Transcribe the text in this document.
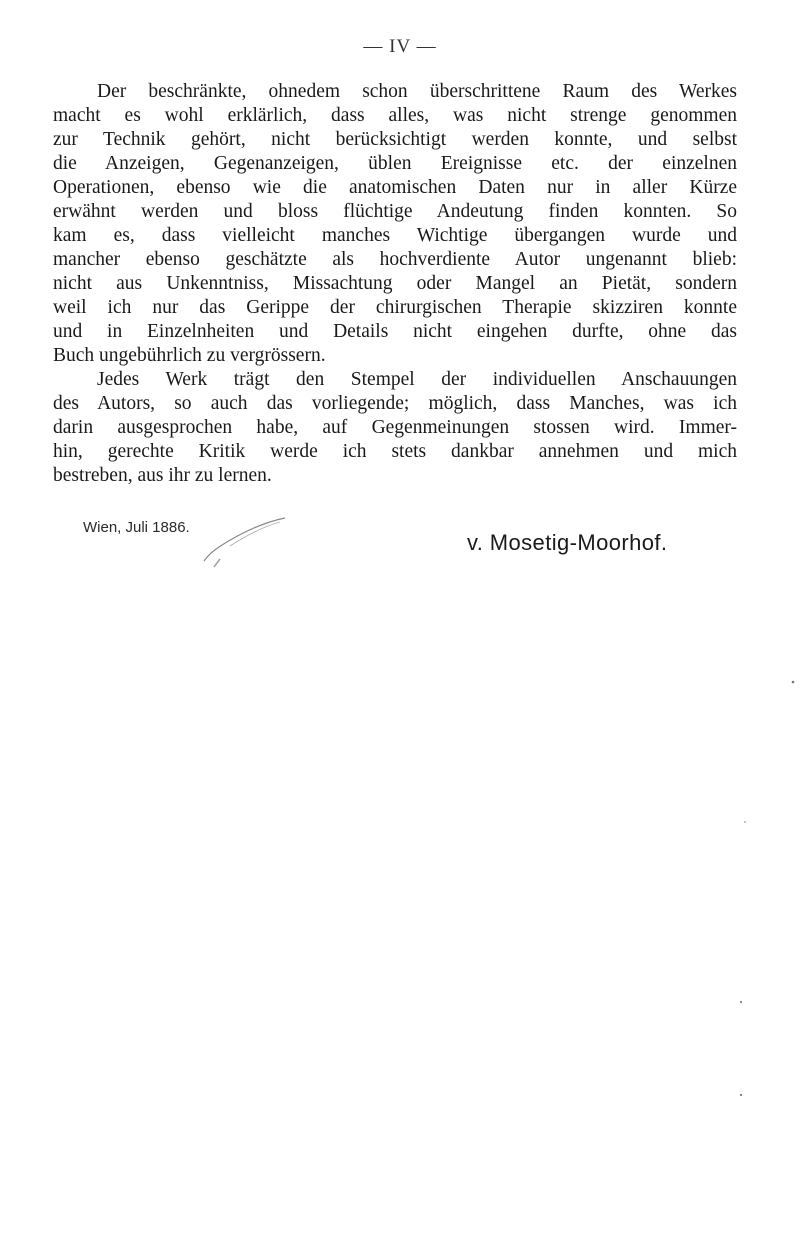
— IV —
Der beschränkte, ohnedem schon überschrittene Raum des Werkes
macht es wohl erklärlich, dass alles, was nicht strenge genommen
zur Technik gehört, nicht berücksichtigt werden konnte, und selbst
die Anzeigen, Gegenanzeigen, üblen Ereignisse etc. der einzelnen
Operationen, ebenso wie die anatomischen Daten nur in aller Kürze
erwähnt werden und bloss flüchtige Andeutung finden konnten. So
kam es, dass vielleicht manches Wichtige übergangen wurde und
mancher ebenso geschätzte als hochverdiente Autor ungenannt blieb:
nicht aus Unkenntniss, Missachtung oder Mangel an Pietät, sondern
weil ich nur das Gerippe der chirurgischen Therapie skizziren konnte
und in Einzelnheiten und Details nicht eingehen durfte, ohne das
Buch ungebührlich zu vergrössern.
Jedes Werk trägt den Stempel der individuellen Anschauungen
des Autors, so auch das vorliegende; möglich, dass Manches, was ich
darin ausgesprochen habe, auf Gegenmeinungen stossen wird. Immer-
hin, gerechte Kritik werde ich stets dankbar annehmen und mich
bestreben, aus ihr zu lernen.
Wien, Juli 1886.
v. Mosetig-Moorhof.
